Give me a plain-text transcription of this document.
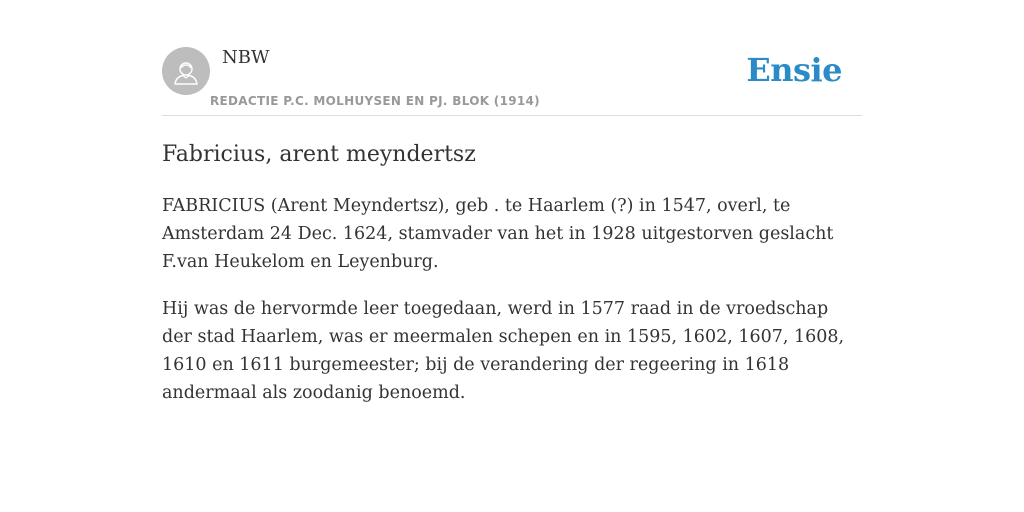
NBW
REDACTIE P.C. MOLHUYSEN EN PJ. BLOK (1914)
Ensie
Fabricius, arent meyndertsz

FABRICIUS (Arent Meyndertsz), geb . te Haarlem (?) in 1547, overl, te Amsterdam 24 Dec. 1624, stamvader van het in 1928 uitgestorven geslacht F.van Heukelom en Leyenburg.

Hij was de hervormde leer toegedaan, werd in 1577 raad in de vroedschap der stad Haarlem, was er meermalen schepen en in 1595, 1602, 1607, 1608, 1610 en 1611 burgemeester; bij de verandering der regeering in 1618 andermaal als zoodanig benoemd.
